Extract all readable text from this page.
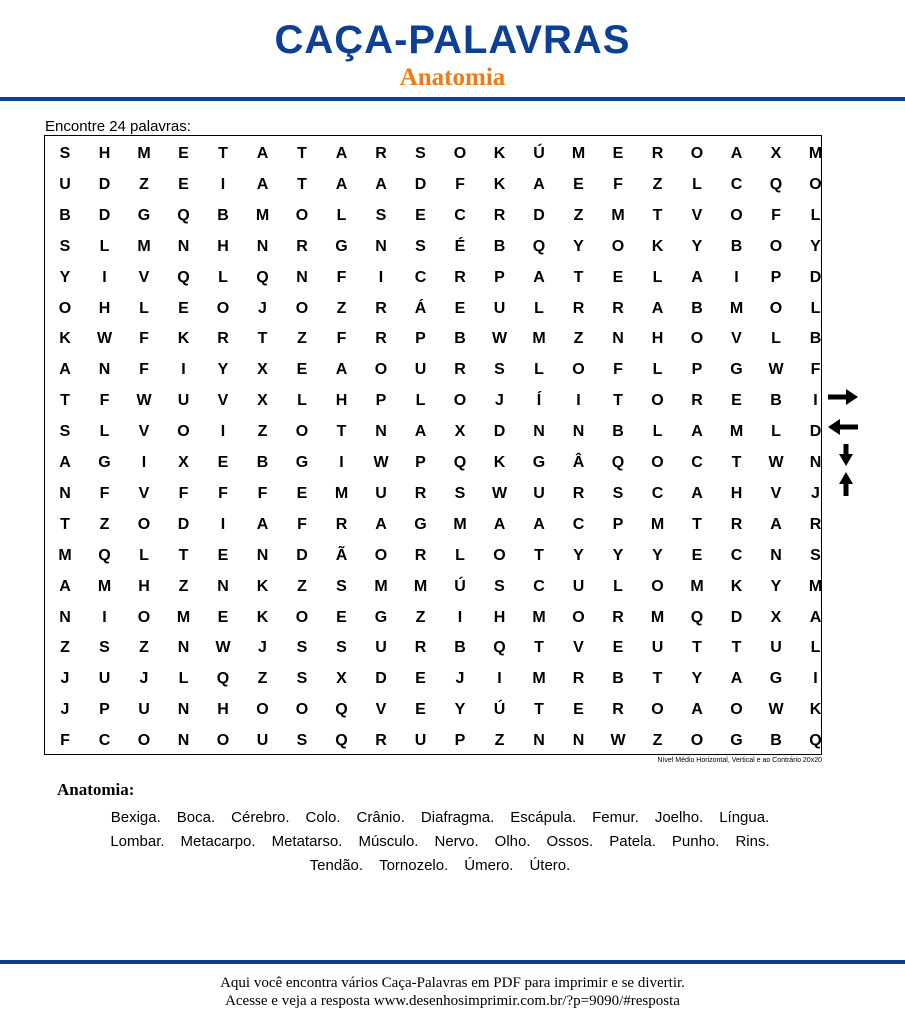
CAÇA-PALAVRAS
Anatomia
Encontre 24 palavras:
S	H	M	E	T	A	T	A	R	S	O	K	Ú	M	E	R	O	A	X	M
U	D	Z	E	I	A	T	A	A	D	F	K	A	E	F	Z	L	C	Q	O
B	D	G	Q	B	M	O	L	S	E	C	R	D	Z	M	T	V	O	F	L
S	L	M	N	H	N	R	G	N	S	É	B	Q	Y	O	K	Y	B	O	Y
Y	I	V	Q	L	Q	N	F	I	C	R	P	A	T	E	L	A	I	P	D
O	H	L	E	O	J	O	Z	R	Á	E	U	L	R	R	A	B	M	O	L
K	W	F	K	R	T	Z	F	R	P	B	W	M	Z	N	H	O	V	L	B
A	N	F	I	Y	X	E	A	O	U	R	S	L	O	F	L	P	G	W	F
T	F	W	U	V	X	L	H	P	L	O	J	Í	I	T	O	R	E	B	I
S	L	V	O	I	Z	O	T	N	A	X	D	N	N	B	L	A	M	L	D
A	G	I	X	E	B	G	I	W	P	Q	K	G	Â	Q	O	C	T	W	N
N	F	V	F	F	F	E	M	U	R	S	W	U	R	S	C	A	H	V	J
T	Z	O	D	I	A	F	R	A	G	M	A	A	C	P	M	T	R	A	R
M	Q	L	T	E	N	D	Ã	O	R	L	O	T	Y	Y	Y	E	C	N	S
A	M	H	Z	N	K	Z	S	M	M	Ú	S	C	U	L	O	M	K	Y	M
N	I	O	M	E	K	O	E	G	Z	I	H	M	O	R	M	Q	D	X	A
Z	S	Z	N	W	J	S	S	U	R	B	Q	T	V	E	U	T	T	U	L
J	U	J	L	Q	Z	S	X	D	E	J	I	M	R	B	T	Y	A	G	I
J	P	U	N	H	O	O	Q	V	E	Y	Ú	T	E	R	O	A	O	W	K
F	C	O	N	O	U	S	Q	R	U	P	Z	N	N	W	Z	O	G	B	Q
Nível Médio Horizontal, Vertical e ao Contrário 20x20
Anatomia:
Bexiga. Boca. Cérebro. Colo. Crânio. Diafragma. Escápula. Femur. Joelho. Língua.
Lombar. Metacarpo. Metatarso. Músculo. Nervo. Olho. Ossos. Patela. Punho. Rins.
Tendão. Tornozelo. Úmero. Útero.
Aqui você encontra vários Caça-Palavras em PDF para imprimir e se divertir.
Acesse e veja a resposta www.desenhosimprimir.com.br/?p=9090/#resposta
